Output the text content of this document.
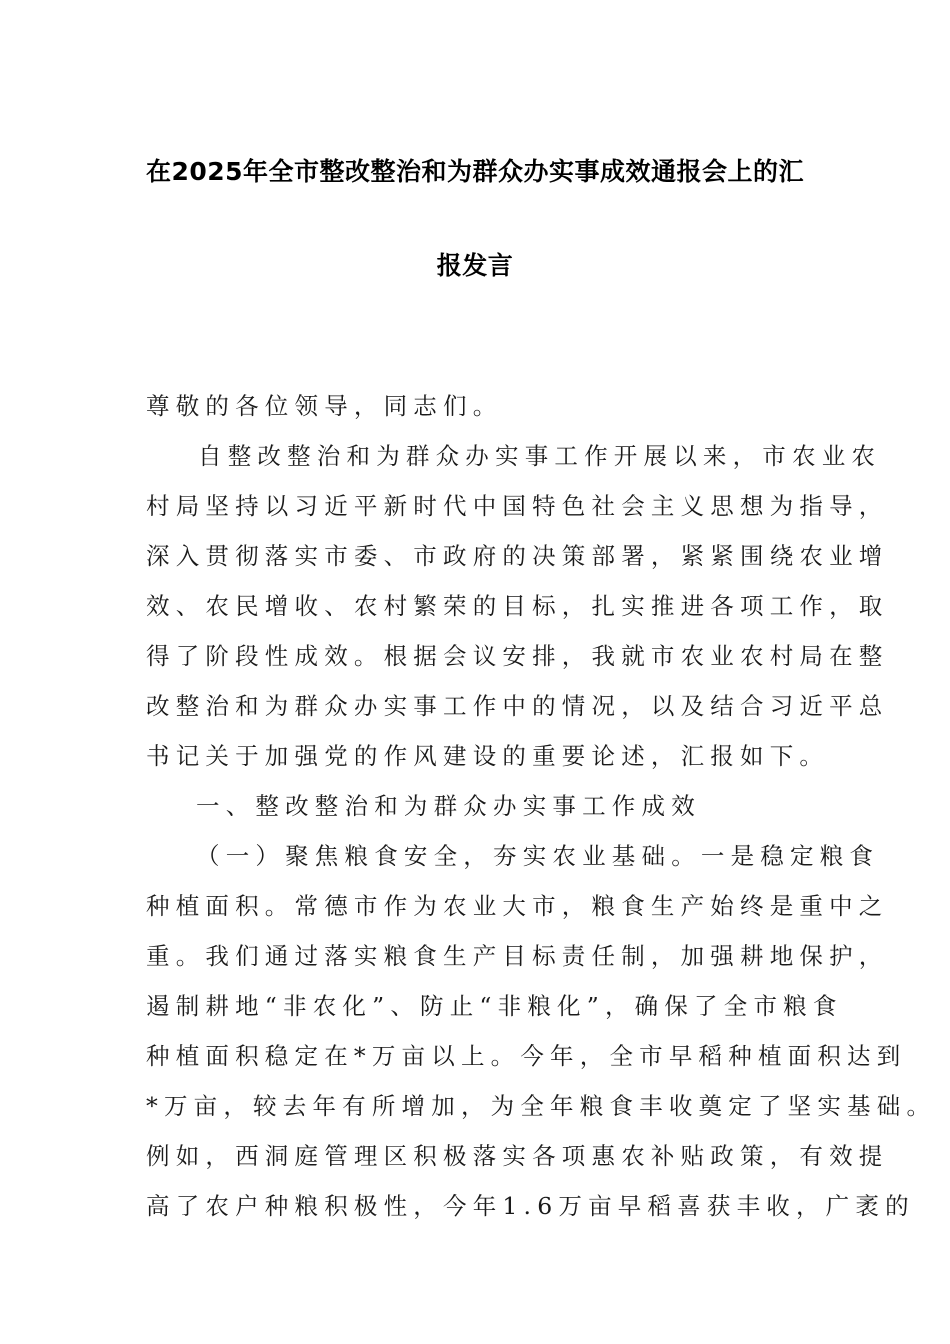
在2025年全市整改整治和为群众办实事成效通报会上的汇
报发言
尊敬的各位领导，同志们。
自整改整治和为群众办实事工作开展以来，市农业农
村局坚持以习近平新时代中国特色社会主义思想为指导，
深入贯彻落实市委、市政府的决策部署，紧紧围绕农业增
效、农民增收、农村繁荣的目标，扎实推进各项工作，取
得了阶段性成效。根据会议安排，我就市农业农村局在整
改整治和为群众办实事工作中的情况，以及结合习近平总
书记关于加强党的作风建设的重要论述，汇报如下。
一、整改整治和为群众办实事工作成效
（一）聚焦粮食安全，夯实农业基础。一是稳定粮食
种植面积。常德市作为农业大市，粮食生产始终是重中之
重。我们通过落实粮食生产目标责任制，加强耕地保护，
遏制耕地“非农化”、防止“非粮化”，确保了全市粮食
种植面积稳定在*万亩以上。今年，全市早稻种植面积达到
*万亩，较去年有所增加，为全年粮食丰收奠定了坚实基础。
例如，西洞庭管理区积极落实各项惠农补贴政策，有效提
高了农户种粮积极性，今年1.6万亩早稻喜获丰收，广袤的
